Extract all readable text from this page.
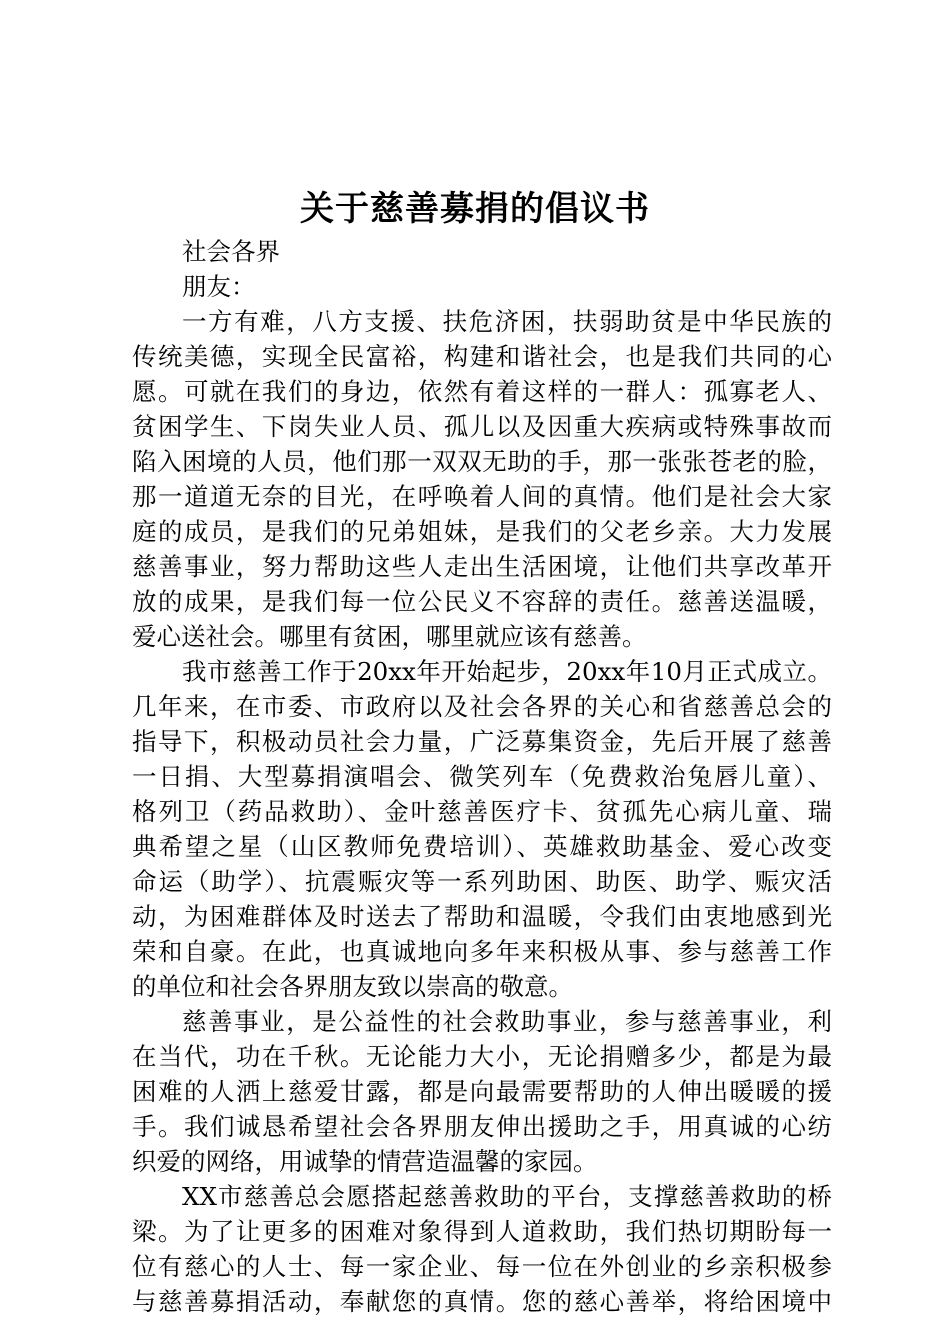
关于慈善募捐的倡议书
社会各界
朋友：
一方有难，八方支援、扶危济困，扶弱助贫是中华民族的
传统美德，实现全民富裕，构建和谐社会，也是我们共同的心
愿。可就在我们的身边，依然有着这样的一群人：孤寡老人、
贫困学生、下岗失业人员、孤儿以及因重大疾病或特殊事故而
陷入困境的人员，他们那一双双无助的手，那一张张苍老的脸，
那一道道无奈的目光，在呼唤着人间的真情。他们是社会大家
庭的成员，是我们的兄弟姐妹，是我们的父老乡亲。大力发展
慈善事业，努力帮助这些人走出生活困境，让他们共享改革开
放的成果，是我们每一位公民义不容辞的责任。慈善送温暖，
爱心送社会。哪里有贫困，哪里就应该有慈善。
我市慈善工作于20xx年开始起步，20xx年10月正式成立。
几年来，在市委、市政府以及社会各界的关心和省慈善总会的
指导下，积极动员社会力量，广泛募集资金，先后开展了慈善
一日捐、大型募捐演唱会、微笑列车（免费救治兔唇儿童）、
格列卫（药品救助）、金叶慈善医疗卡、贫孤先心病儿童、瑞
典希望之星（山区教师免费培训）、英雄救助基金、爱心改变
命运（助学）、抗震赈灾等一系列助困、助医、助学、赈灾活
动，为困难群体及时送去了帮助和温暖，令我们由衷地感到光
荣和自豪。在此，也真诚地向多年来积极从事、参与慈善工作
的单位和社会各界朋友致以崇高的敬意。
慈善事业，是公益性的社会救助事业，参与慈善事业，利
在当代，功在千秋。无论能力大小，无论捐赠多少，都是为最
困难的人洒上慈爱甘露，都是向最需要帮助的人伸出暖暖的援
手。我们诚恳希望社会各界朋友伸出援助之手，用真诚的心纺
织爱的网络，用诚挚的情营造温馨的家园。
XX市慈善总会愿搭起慈善救助的平台，支撑慈善救助的桥
梁。为了让更多的困难对象得到人道救助，我们热切期盼每一
位有慈心的人士、每一家企业、每一位在外创业的乡亲积极参
与慈善募捐活动，奉献您的真情。您的慈心善举，将给困境中
